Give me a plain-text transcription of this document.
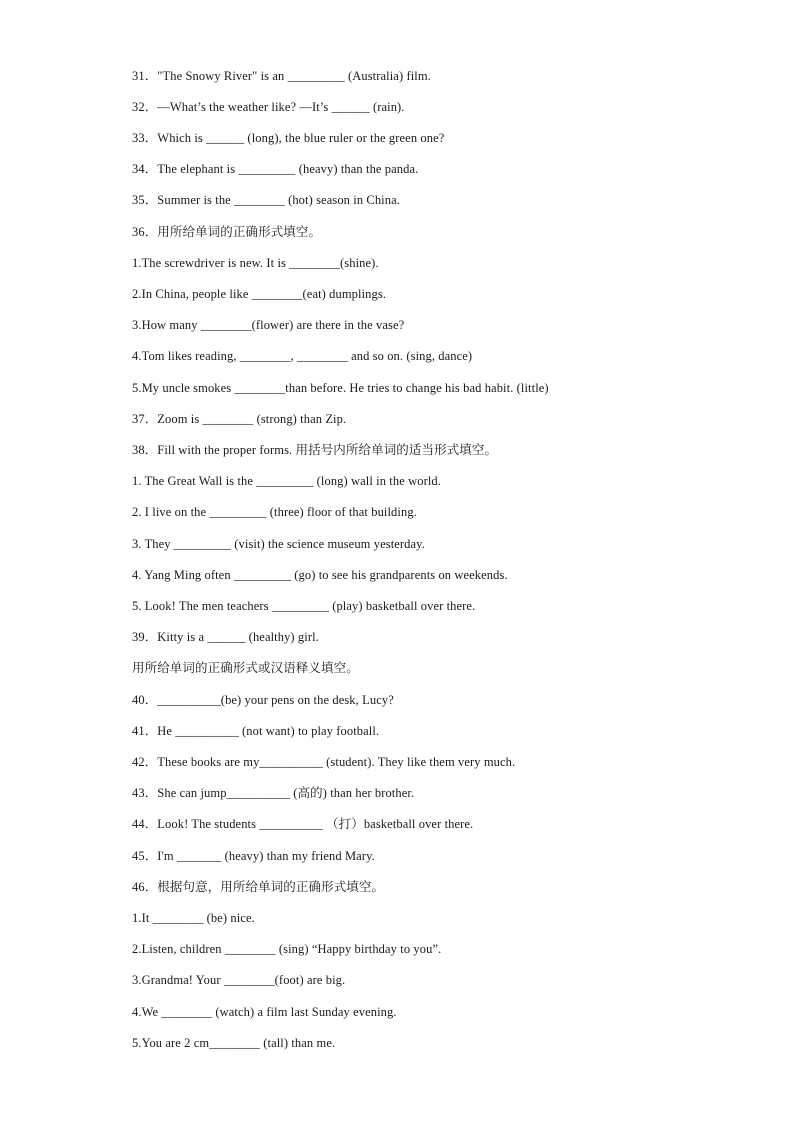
31．"The Snowy River" is an _________ (Australia) film.
32．—What’s the weather like? —It’s ______ (rain).
33．Which is ______ (long), the blue ruler or the green one?
34．The elephant is _________ (heavy) than the panda.
35．Summer is the ________ (hot) season in China.
36．用所给单词的正确形式填空。
1.The screwdriver is new. It is ________(shine).
2.In China, people like ________(eat) dumplings.
3.How many ________(flower) are there in the vase?
4.Tom likes reading, ________, ________ and so on. (sing, dance)
5.My uncle smokes ________than before. He tries to change his bad habit. (little)
37．Zoom is ________ (strong) than Zip.
38．Fill with the proper forms. 用括号内所给单词的适当形式填空。
1. The Great Wall is the _________ (long) wall in the world.
2. I live on the _________ (three) floor of that building.
3. They _________ (visit) the science museum yesterday.
4. Yang Ming often _________ (go) to see his grandparents on weekends.
5. Look! The men teachers _________ (play) basketball over there.
39．Kitty is a ______ (healthy) girl.
用所给单词的正确形式或汉语释义填空。
40．__________(be) your pens on the desk, Lucy?
41．He __________ (not want) to play football.
42．These books are my__________ (student). They like them very much.
43．She can jump__________ (高的) than her brother.
44．Look! The students __________ （打）basketball over there.
45．I'm _______ (heavy) than my friend Mary.
46．根据句意，用所给单词的正确形式填空。
1.It ________ (be) nice.
2.Listen, children ________ (sing) “Happy birthday to you”.
3.Grandma! Your ________(foot) are big.
4.We ________ (watch) a film last Sunday evening.
5.You are 2 cm________ (tall) than me.
